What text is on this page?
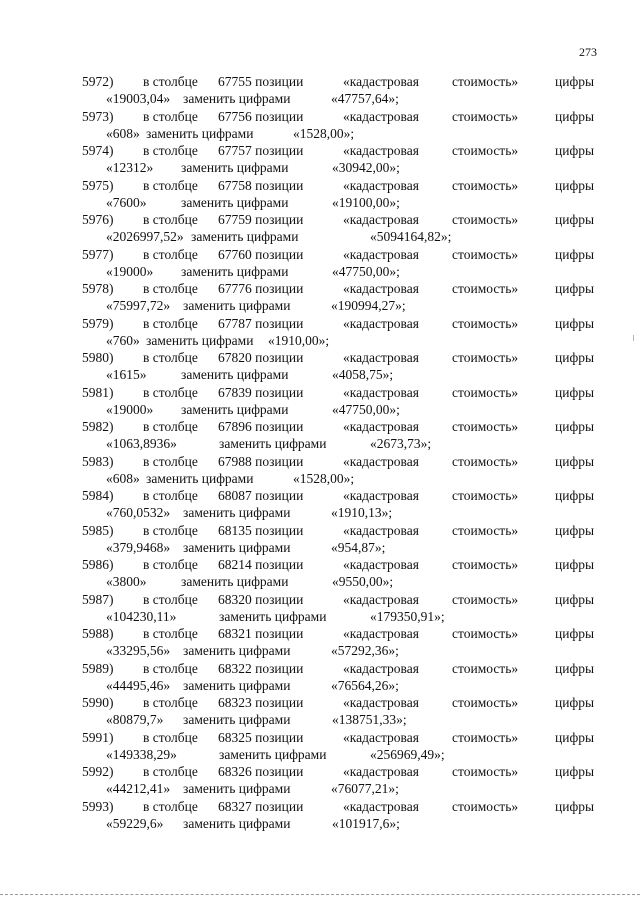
273
5972) в столбце 67755 позиции	«кадастровая стоимость»	цифры
«19003,04» заменить цифрами	«47757,64»;
5973) в столбце 67756 позиции	«кадастровая стоимость»	цифры
«608» заменить цифрами	«1528,00»;
5974) в столбце 67757 позиции	«кадастровая стоимость»	цифры
«12312» заменить цифрами	«30942,00»;
5975) в столбце 67758 позиции	«кадастровая стоимость»	цифры
«7600»	заменить цифрами	«19100,00»;
5976) в столбце 67759 позиции	«кадастровая стоимость»	цифры
«2026997,52» заменить цифрами	«5094164,82»;
5977) в столбце 67760 позиции	«кадастровая стоимость»	цифры
«19000» заменить цифрами	«47750,00»;
5978) в столбце 67776 позиции	«кадастровая стоимость»	цифры
«75997,72» заменить цифрами	«190994,27»;
5979) в столбце 67787 позиции	«кадастровая стоимость»	цифры
«760» заменить цифрами «1910,00»;
5980) в столбце 67820 позиции	«кадастровая стоимость»	цифры
«1615»	заменить цифрами	«4058,75»;
5981) в столбце 67839 позиции	«кадастровая стоимость»	цифры
«19000» заменить цифрами	«47750,00»;
5982) в столбце 67896 позиции	«кадастровая стоимость»	цифры
«1063,8936»	заменить цифрами	«2673,73»;
5983) в столбце 67988 позиции	«кадастровая стоимость»	цифры
«608» заменить цифрами	«1528,00»;
5984) в столбце 68087 позиции	«кадастровая стоимость»	цифры
«760,0532» заменить цифрами	«1910,13»;
5985) в столбце 68135 позиции	«кадастровая стоимость»	цифры
«379,9468» заменить цифрами	«954,87»;
5986) в столбце 68214 позиции	«кадастровая стоимость»	цифры
«3800»	заменить цифрами	«9550,00»;
5987) в столбце 68320 позиции	«кадастровая стоимость»	цифры
«104230,11»	заменить цифрами	«179350,91»;
5988) в столбце 68321 позиции	«кадастровая стоимость»	цифры
«33295,56» заменить цифрами	«57292,36»;
5989) в столбце 68322 позиции	«кадастровая стоимость»	цифры
«44495,46» заменить цифрами	«76564,26»;
5990) в столбце 68323 позиции	«кадастровая стоимость»	цифры
«80879,7» заменить цифрами	«138751,33»;
5991) в столбце 68325 позиции	«кадастровая стоимость»	цифры
«149338,29»	заменить цифрами	«256969,49»;
5992) в столбце 68326 позиции	«кадастровая стоимость»	цифры
«44212,41» заменить цифрами	«76077,21»;
5993) в столбце 68327 позиции	«кадастровая стоимость»	цифры
«59229,6» заменить цифрами	«101917,6»;
